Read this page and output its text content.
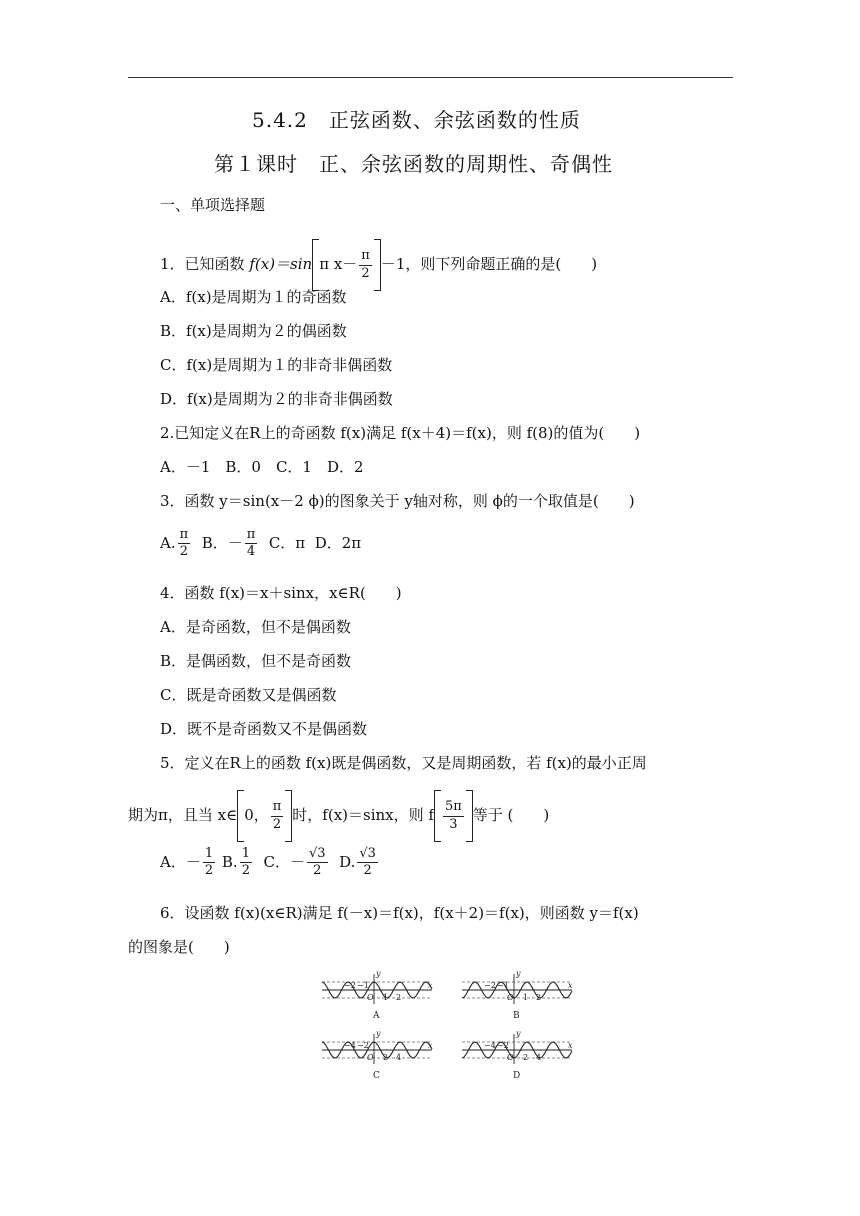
5.4.2　正弦函数、余弦函数的性质
第１课时　正、余弦函数的周期性、奇偶性
一、单项选择题
1．已知函数 f(x)＝sin π $x- \frac{\pi}{2} -1$，则下列命题正确的是(　　)
A．f(x)是周期为１的奇函数
B．f(x)是周期为２的偶函数
C．f(x)是周期为１的非奇非偶函数
D．f(x)是周期为２的非奇非偶函数
2.已知定义在R上的奇函数 f(x)满足 f(x＋4)＝f(x)，则 f(8)的值为(　　)
A．－1　B．0　C．1　D．2
3．函数 y＝sin(x－2 ϕ)的图象关于 y轴对称，则 ϕ的一个取值是(　　)
A. $\frac{\pi}{2}$ B．－ $\frac{\pi}{4}$ C．π D．2π
4．函数 f(x)＝x＋sinx，x∈R(　　)
A．是奇函数，但不是偶函数
B．是偶函数，但不是奇函数
C．既是奇函数又是偶函数
D．既不是奇函数又不是偶函数
5．定义在R上的函数 f(x)既是偶函数，又是周期函数，若 f(x)的最小正周
期为π，且当 x∈ 0， $\frac{\pi}{2}$ 时，f(x)＝sinx，则 f $\frac{5\pi}{3}$ 等于 (　　)
A．－ $\frac{1}{2} B$. $\frac{1}{2}$ C．－ $\frac{√3}{2} D$. $\frac{√3}{2}$
6．设函数 f(x)(x∈R)满足 f(－x)＝f(x)，f(x＋2)＝f(x)，则函数 y＝f(x)
的图象是(　　)
−2 −1
1 2
O
x
y
A
−2 −1
1 2
O
x
y
B
−4 −2
2 4
O
x
y
C
−4 −2
2 4
O
x
y
D
